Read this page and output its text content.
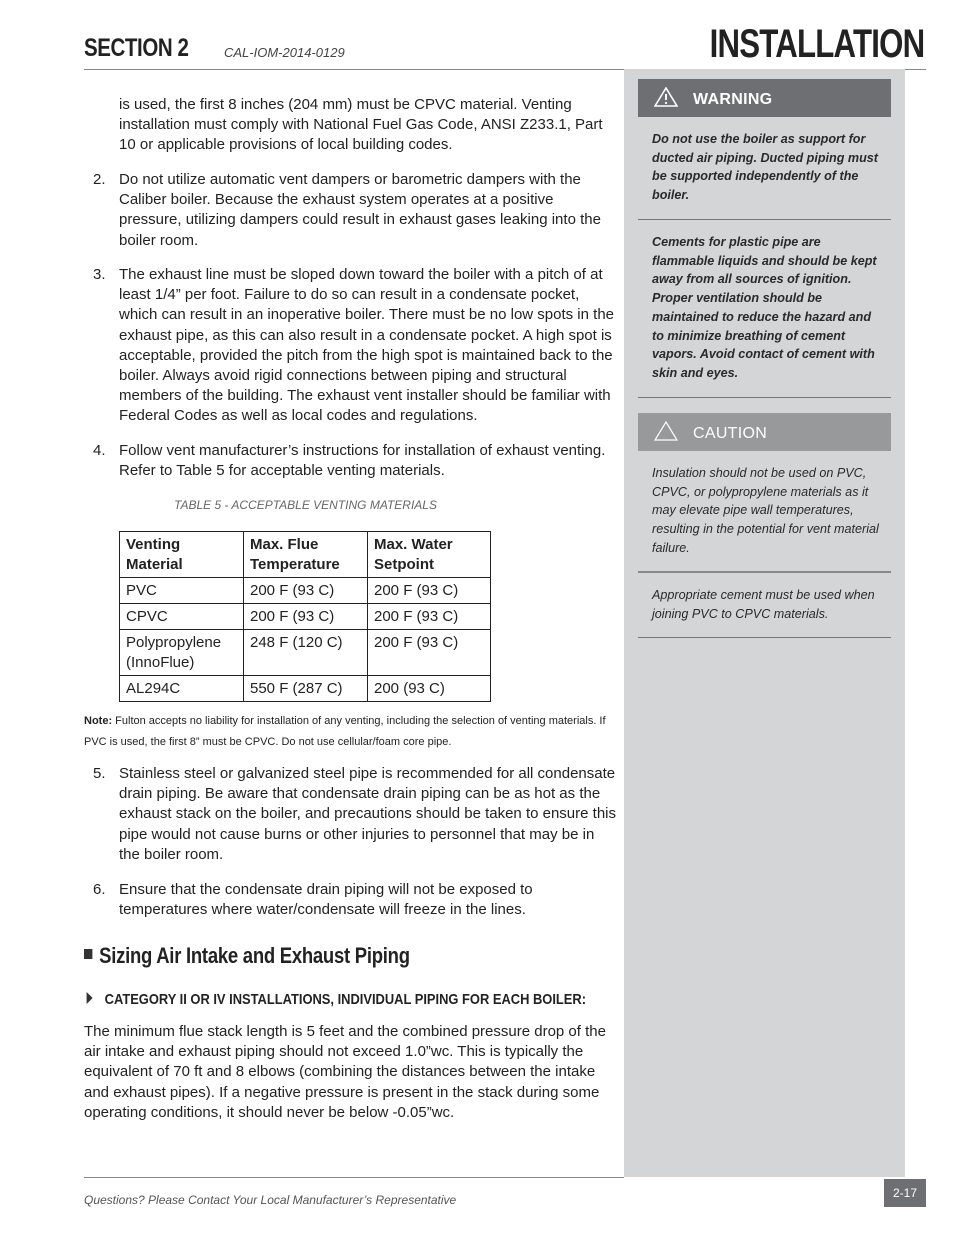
SECTION 2	CAL-IOM-2014-0129	INSTALLATION
WARNING
Do not use the boiler as support for ducted air piping. Ducted piping must be supported independently of the boiler.
Cements for plastic pipe are flammable liquids and should be kept away from all sources of ignition. Proper ventilation should be maintained to reduce the hazard and to minimize breathing of cement vapors. Avoid contact of cement with skin and eyes.
CAUTION
Insulation should not be used on PVC, CPVC, or polypropylene materials as it may elevate pipe wall temperatures, resulting in the potential for vent material failure.
Appropriate cement must be used when joining PVC to CPVC materials.
is used, the first 8 inches (204 mm) must be CPVC material. Venting installation must comply with National Fuel Gas Code, ANSI Z233.1, Part 10 or applicable provisions of local building codes.
2. Do not utilize automatic vent dampers or barometric dampers with the Caliber boiler. Because the exhaust system operates at a positive pressure, utilizing dampers could result in exhaust gases leaking into the boiler room.
3. The exhaust line must be sloped down toward the boiler with a pitch of at least 1/4” per foot. Failure to do so can result in a condensate pocket, which can result in an inoperative boiler. There must be no low spots in the exhaust pipe, as this can also result in a condensate pocket. A high spot is acceptable, provided the pitch from the high spot is maintained back to the boiler. Always avoid rigid connections between piping and structural members of the building. The exhaust vent installer should be familiar with Federal Codes as well as local codes and regulations.
4. Follow vent manufacturer’s instructions for installation of exhaust venting. Refer to Table 5 for acceptable venting materials.
TABLE 5 - ACCEPTABLE VENTING MATERIALS
Venting Material	Max. Flue Temperature	Max. Water Setpoint
PVC	200 F (93 C)	200 F (93 C)
CPVC	200 F (93 C)	200 F (93 C)
Polypropylene (InnoFlue)	248 F (120 C)	200 F (93 C)
AL294C	550 F (287 C)	200 (93 C)
Note: Fulton accepts no liability for installation of any venting, including the selection of venting materials. If PVC is used, the first 8” must be CPVC. Do not use cellular/foam core pipe.
5. Stainless steel or galvanized steel pipe is recommended for all condensate drain piping. Be aware that condensate drain piping can be as hot as the exhaust stack on the boiler, and precautions should be taken to ensure this pipe would not cause burns or other injuries to personnel that may be in the boiler room.
6. Ensure that the condensate drain piping will not be exposed to temperatures where water/condensate will freeze in the lines.
Sizing Air Intake and Exhaust Piping
CATEGORY II OR IV INSTALLATIONS, INDIVIDUAL PIPING FOR EACH BOILER:
The minimum flue stack length is 5 feet and the combined pressure drop of the air intake and exhaust piping should not exceed 1.0”wc. This is typically the equivalent of 70 ft and 8 elbows (combining the distances between the intake and exhaust pipes). If a negative pressure is present in the stack during some operating conditions, it should never be below -0.05”wc.
Questions? Please Contact Your Local Manufacturer’s Representative	2-17
